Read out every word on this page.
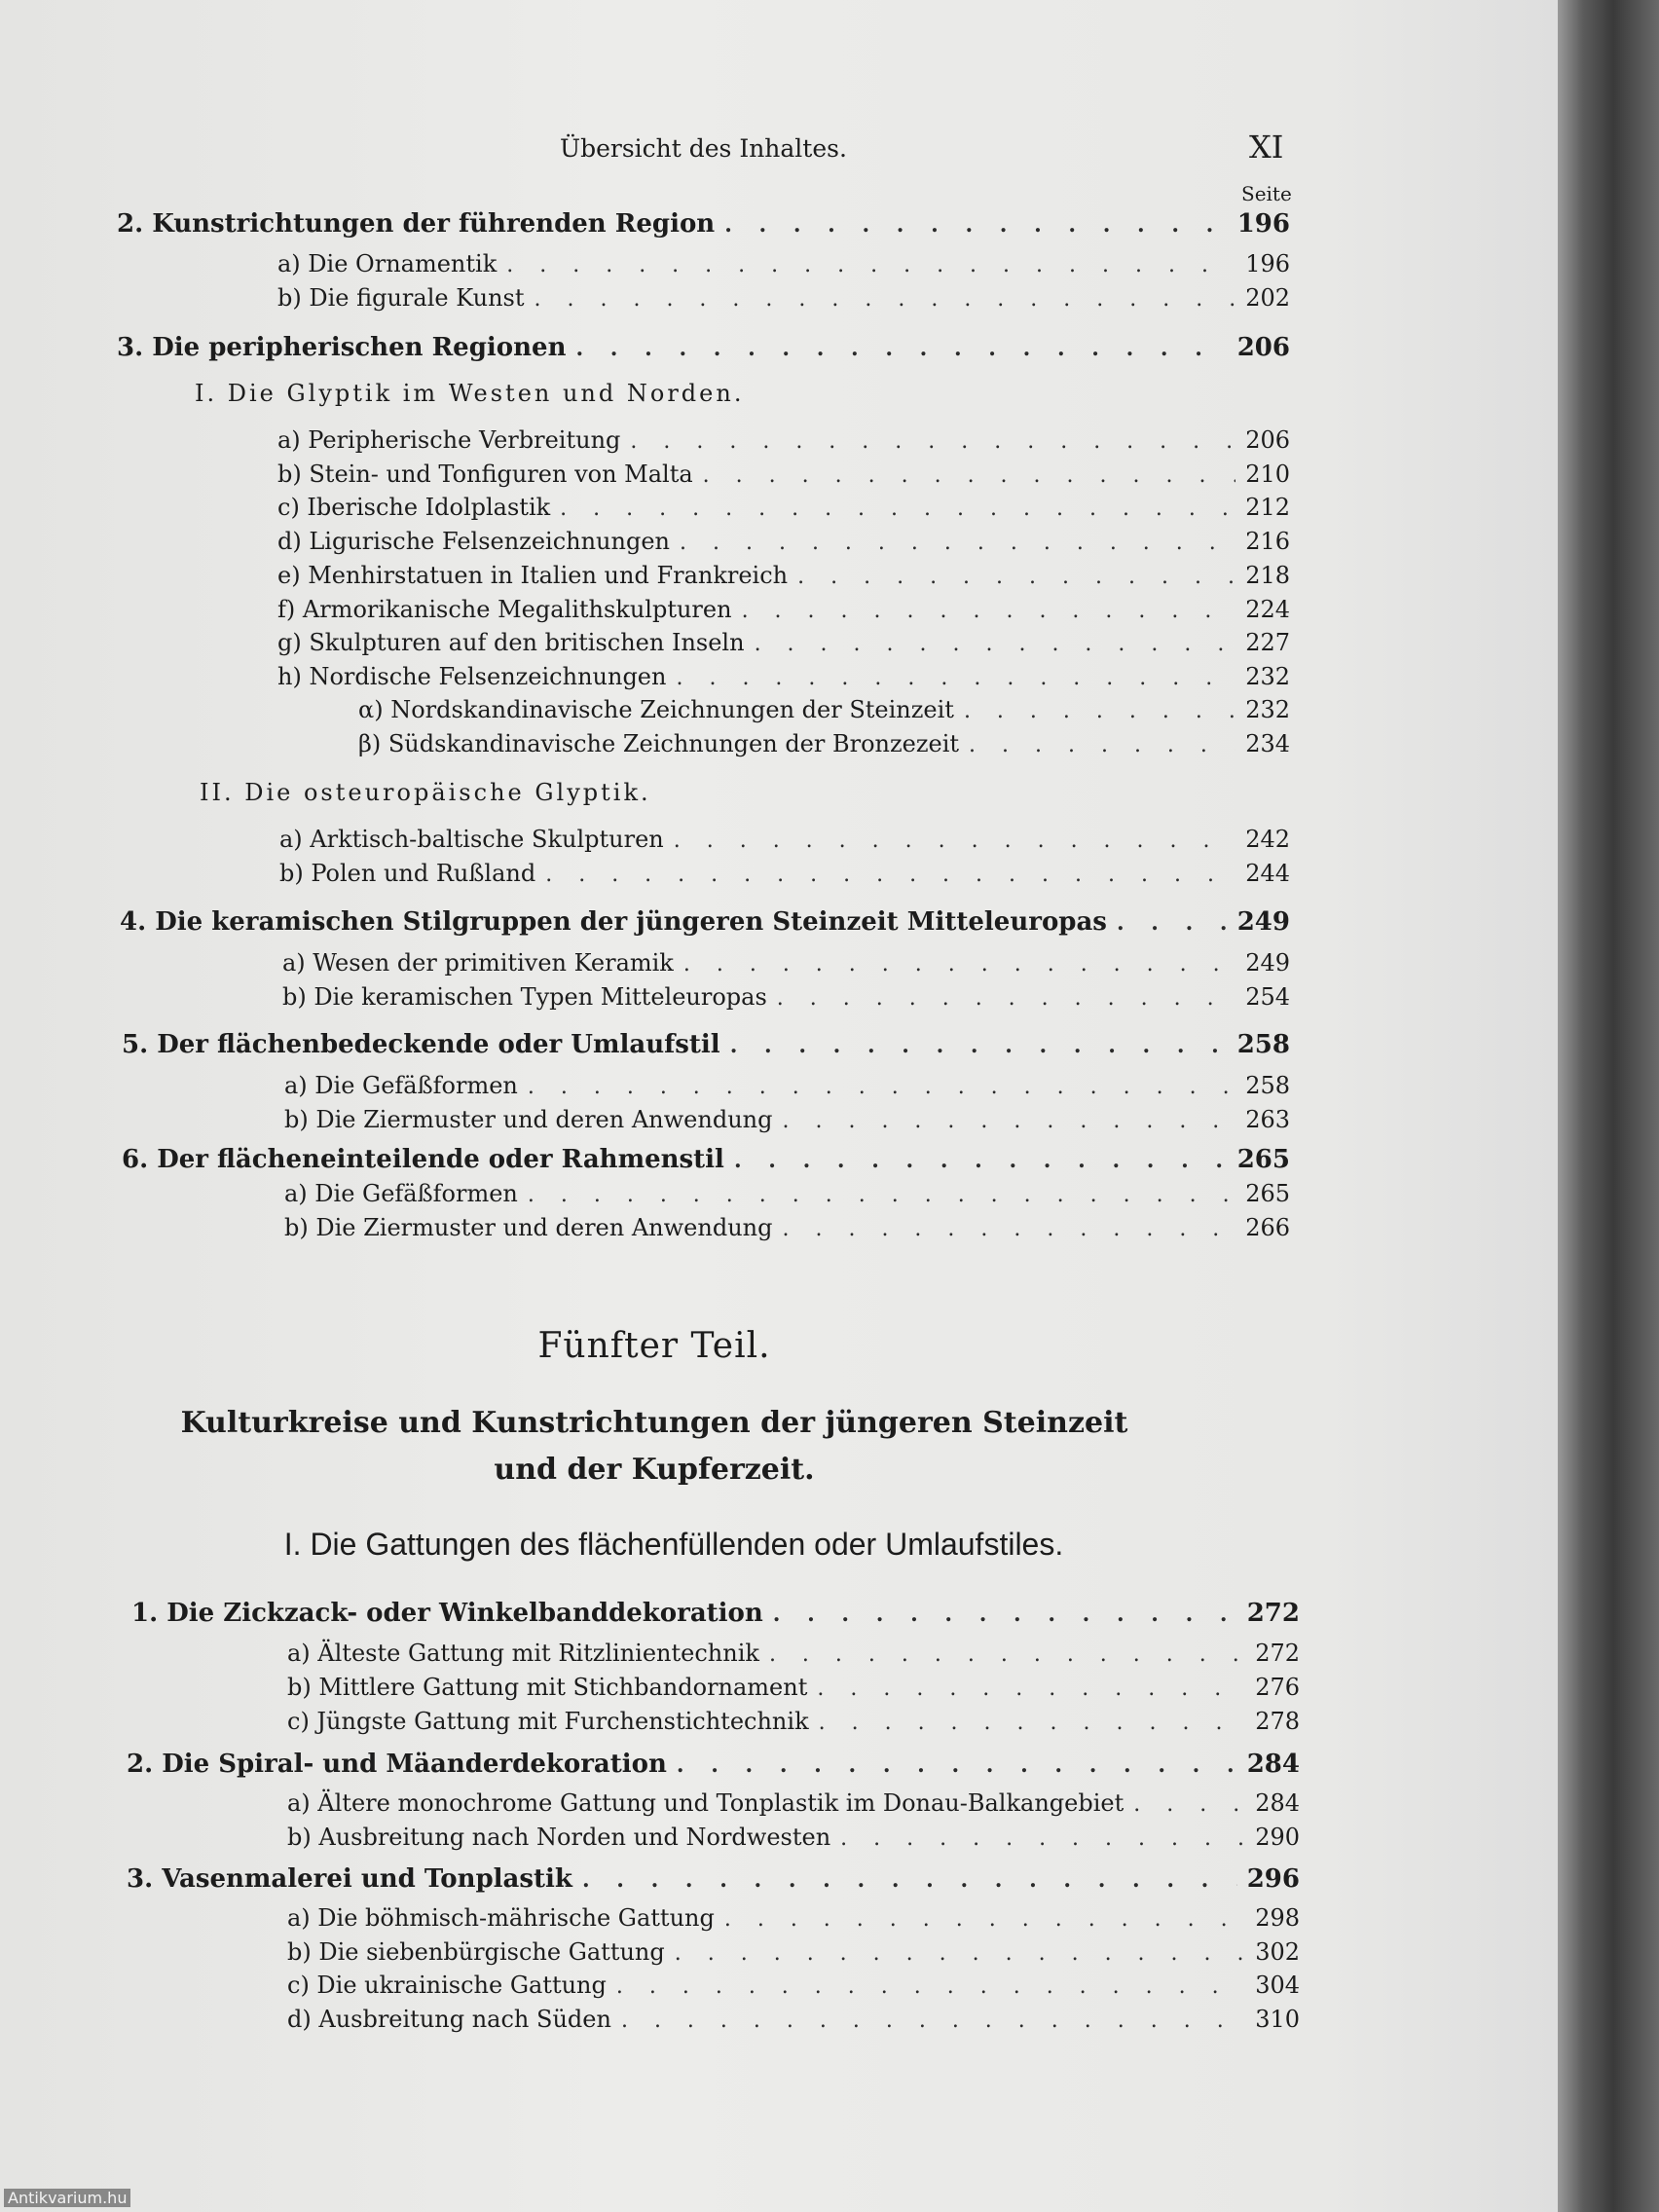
Übersicht des Inhaltes.	XI
Seite
2. Kunstrichtungen der führenden Region . . .	196
a) Die Ornamentik . . .	196
b) Die figurale Kunst . . .	202
3. Die peripherischen Regionen . . .	206
I. Die Glyptik im Westen und Norden.
a) Peripherische Verbreitung . . .	206
b) Stein- und Tonfiguren von Malta . . .	210
c) Iberische Idolplastik . . .	212
d) Ligurische Felsenzeichnungen . . .	216
e) Menhirstatuen in Italien und Frankreich . . .	218
f) Armorikanische Megalithskulpturen . . .	224
g) Skulpturen auf den britischen Inseln . . .	227
h) Nordische Felsenzeichnungen . . .	232
α) Nordskandinavische Zeichnungen der Steinzeit . . .	232
β) Südskandinavische Zeichnungen der Bronzezeit . . .	234
II. Die osteuropäische Glyptik.
a) Arktisch-baltische Skulpturen . . .	242
b) Polen und Rußland . . .	244
4. Die keramischen Stilgruppen der jüngeren Steinzeit Mitteleuropas . . .	249
a) Wesen der primitiven Keramik . . .	249
b) Die keramischen Typen Mitteleuropas . . .	254
5. Der flächenbedeckende oder Umlaufstil . . .	258
a) Die Gefäßformen . . .	258
b) Die Ziermuster und deren Anwendung . . .	263
6. Der flächeneinteilende oder Rahmenstil . . .	265
a) Die Gefäßformen . . .	265
b) Die Ziermuster und deren Anwendung . . .	266
Fünfter Teil.
Kulturkreise und Kunstrichtungen der jüngeren Steinzeit
und der Kupferzeit.
I. Die Gattungen des flächenfüllenden oder Umlaufstiles.
1. Die Zickzack- oder Winkelbanddekoration . . .	272
a) Älteste Gattung mit Ritzlinientechnik . . .	272
b) Mittlere Gattung mit Stichbandornament . . .	276
c) Jüngste Gattung mit Furchenstichtechnik . . .	278
2. Die Spiral- und Mäanderdekoration . . .	284
a) Ältere monochrome Gattung und Tonplastik im Donau-Balkangebiet . . .	284
b) Ausbreitung nach Norden und Nordwesten . . .	290
3. Vasenmalerei und Tonplastik . . .	296
a) Die böhmisch-mährische Gattung . . .	298
b) Die siebenbürgische Gattung . . .	302
c) Die ukrainische Gattung . . .	304
d) Ausbreitung nach Süden . . .	310
Antikvarium.hu
